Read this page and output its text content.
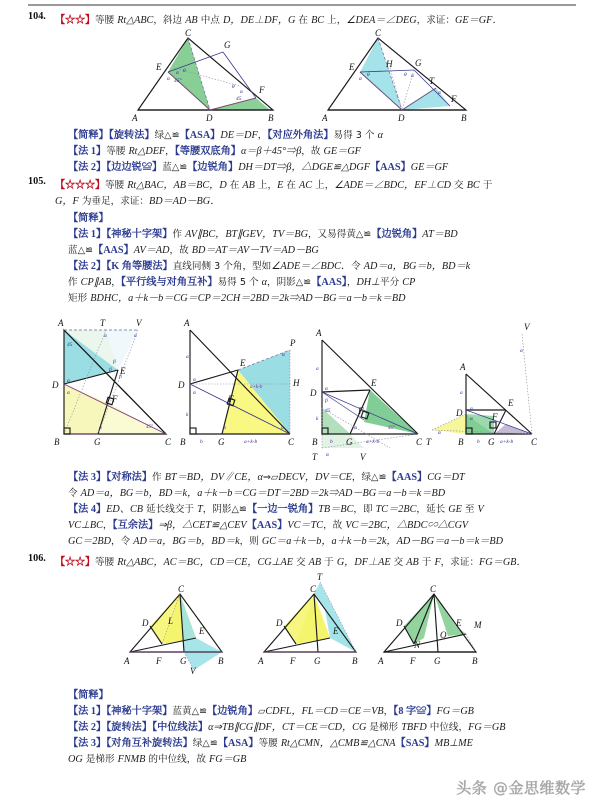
104. 【☆☆】等腰 Rt△ABC，斜边 AB 中点 D，DE⊥DF，G 在 BC 上，∠DEA＝∠DEG，求证：GE＝GF．
A
C
G
E
D
F
B
α
α θ
45°
θ
α
45
A
C
E	H	G
T
F
D	B
α
θ	θ α
α
【简释】【旋转法】绿△≌【ASA】DE＝DF，【对应外角法】易得 3 个 α
【法 1】等腰 Rt△DEF，【等腰双底角】α＝β＋45°⇒β，故 GE＝GF
【法 2】【边边锐≌】蓝△≌【边锐角】DH＝DT⇒β，△DGE≌△DGF【AAS】GE＝GF
105. 【☆☆☆】等腰 Rt△BAC，AB＝BC，D 在 AB 上，E 在 AC 上，∠ADE＝∠BDC，EF⊥CD 交 BC 于
G，F 为垂足，求证：BD＝AD－BG．
【简释】
【法 1】【神秘十字架】作 AV∥BC，BT∥GEV，TV＝BG，又易得黄△≌【边锐角】AT＝BD
蓝△≌【AAS】AV＝AD，故 BD＝AT＝AV－TV＝AD－BG
【法 2】【K 角等腰法】直线同侧 3 个角，型如∠ADE＝∠BDC．令 AD＝a，BG＝b，BD＝k
作 CP∥AB，【平行线与对角互补】易得 5 个 α，阴影△≌【AAS】，DH⊥平分 CP
矩形 BDHC，a＋k－b＝CG＝CP＝2CH＝2BD＝2k⇒AD－BG＝a－b＝k＝BD
A	T	V
D
E
F
B	G	C
α	α
45
β
β
β
α
α
α	45°
A
D
E
F
P
H
B	G	C
a
α
α
k
α
α
α
b	a+k-b
a+k-b
A
D
E
F
B	G	C T
V
T
a
α
β
k
45
α
b	a+k-b
45°
α
A
D
E
F
B	G	C
V
a
α
α
α
α
b	a+k-b
【法 3】【对称法】作 BT＝BD，DV∥CE，α⇒▱DECV，DV＝CE，绿△≌【AAS】CG＝DT
令 AD＝a，BG＝b，BD＝k，a＋k－b＝CG＝DT＝2BD＝2k⇒AD－BG＝a－b＝k＝BD
【法 4】ED、CB 延长线交于 T，阴影△≌【一边一锐角】TB＝BC，即 TC＝2BC，延长 GE 至 V
VC⊥BC，【互余法】⇒β，△CET≌△CEV【AAS】VC＝TC，故 VC＝2BC，△BDC∽△CGV
GC＝2BD，令 AD＝a，BG＝b，BD＝k，则 GC＝a＋k－b，a＋k－b＝2k，AD－BG＝a－b＝k＝BD
106. 【☆☆】等腰 Rt△ABC，AC＝BC，CD＝CE，CG⊥AE 交 AB 于 G，DF⊥AE 交 AB 于 F，求证：FG＝GB．
C
D L
E
A	F G	B
V
T
C
D
E
A	F G	B
C
D	E M
N
O
A	F G	B
【简释】
【法 1】【神秘十字架】蓝黄△≌【边锐角】▱CDFL，FL＝CD＝CE＝VB，【8 字≌】FG＝GB
【法 2】【旋转法】【中位线法】α⇒TB∥CG∥DF，CT＝CE＝CD，CG 是梯形 TBFD 中位线，FG＝GB
【法 3】【对角互补旋转法】绿△≌【ASA】等腰 Rt△CMN，△CMB≌△CNA【SAS】MB⊥ME
OG 是梯形 FNMB 的中位线，故 FG＝GB
头条 @金思维数学
